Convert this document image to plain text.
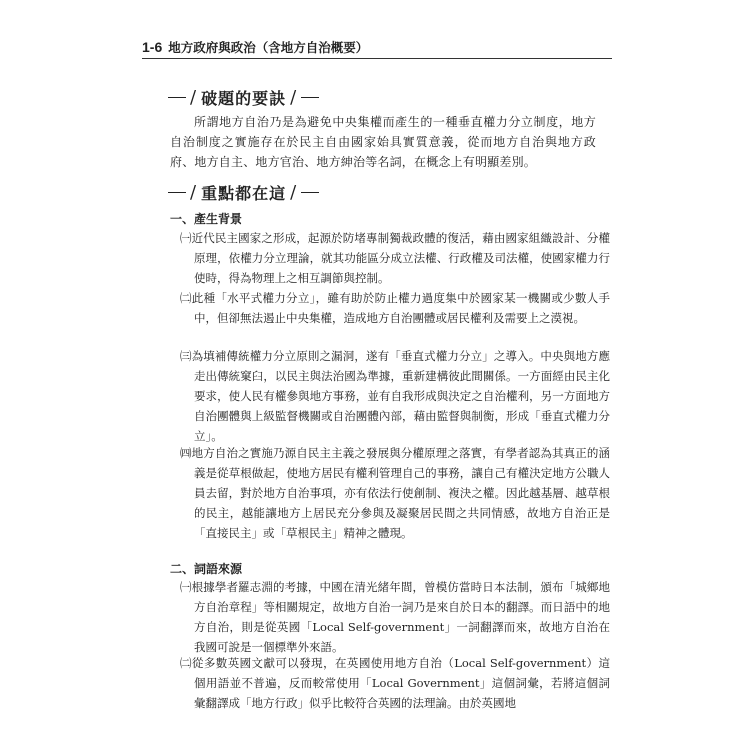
1-6 地方政府與政治（含地方自治概要）
/ 破題的要訣 /
所謂地方自治乃是為避免中央集權而產生的一種垂直權力分立制度，地方自治制度之實施存在於民主自由國家始具實質意義，從而地方自治與地方政府、地方自主、地方官治、地方紳治等名詞，在概念上有明顯差別。
/ 重點都在這 /
一、產生背景
㈠近代民主國家之形成，起源於防堵專制獨裁政體的復活，藉由國家組織設計、分權原理，依權力分立理論，就其功能區分成立法權、行政權及司法權，使國家權力行使時，得為物理上之相互調節與控制。
㈡此種「水平式權力分立」，雖有助於防止權力過度集中於國家某一機關或少數人手中，但卻無法遏止中央集權，造成地方自治團體或居民權利及需要上之漠視。
㈢為填補傳統權力分立原則之漏洞，遂有「垂直式權力分立」之導入。中央與地方應走出傳統窠臼，以民主與法治國為準據，重新建構彼此間關係。一方面經由民主化要求，使人民有權參與地方事務，並有自我形成與決定之自治權利，另一方面地方自治團體與上級監督機關或自治團體內部，藉由監督與制衡，形成「垂直式權力分立」。
㈣地方自治之實施乃源自民主主義之發展與分權原理之落實，有學者認為其真正的涵義是從草根做起，使地方居民有權利管理自己的事務，讓自己有權決定地方公職人員去留，對於地方自治事項，亦有依法行使創制、複決之權。因此越基層、越草根的民主，越能讓地方上居民充分參與及凝聚居民間之共同情感，故地方自治正是「直接民主」或「草根民主」精神之體現。
二、詞語來源
㈠根據學者羅志淵的考據，中國在清光緒年間，曾模仿當時日本法制，頒布「城鄉地方自治章程」等相關規定，故地方自治一詞乃是來自於日本的翻譯。而日語中的地方自治，則是從英國「Local Self-government」一詞翻譯而來，故地方自治在我國可說是一個標準外來語。
㈡從多數英國文獻可以發現，在英國使用地方自治（Local Self-government）這個用語並不普遍，反而較常使用「Local Government」這個詞彙，若將這個詞彙翻譯成「地方行政」似乎比較符合英國的法理論。由於英國地
